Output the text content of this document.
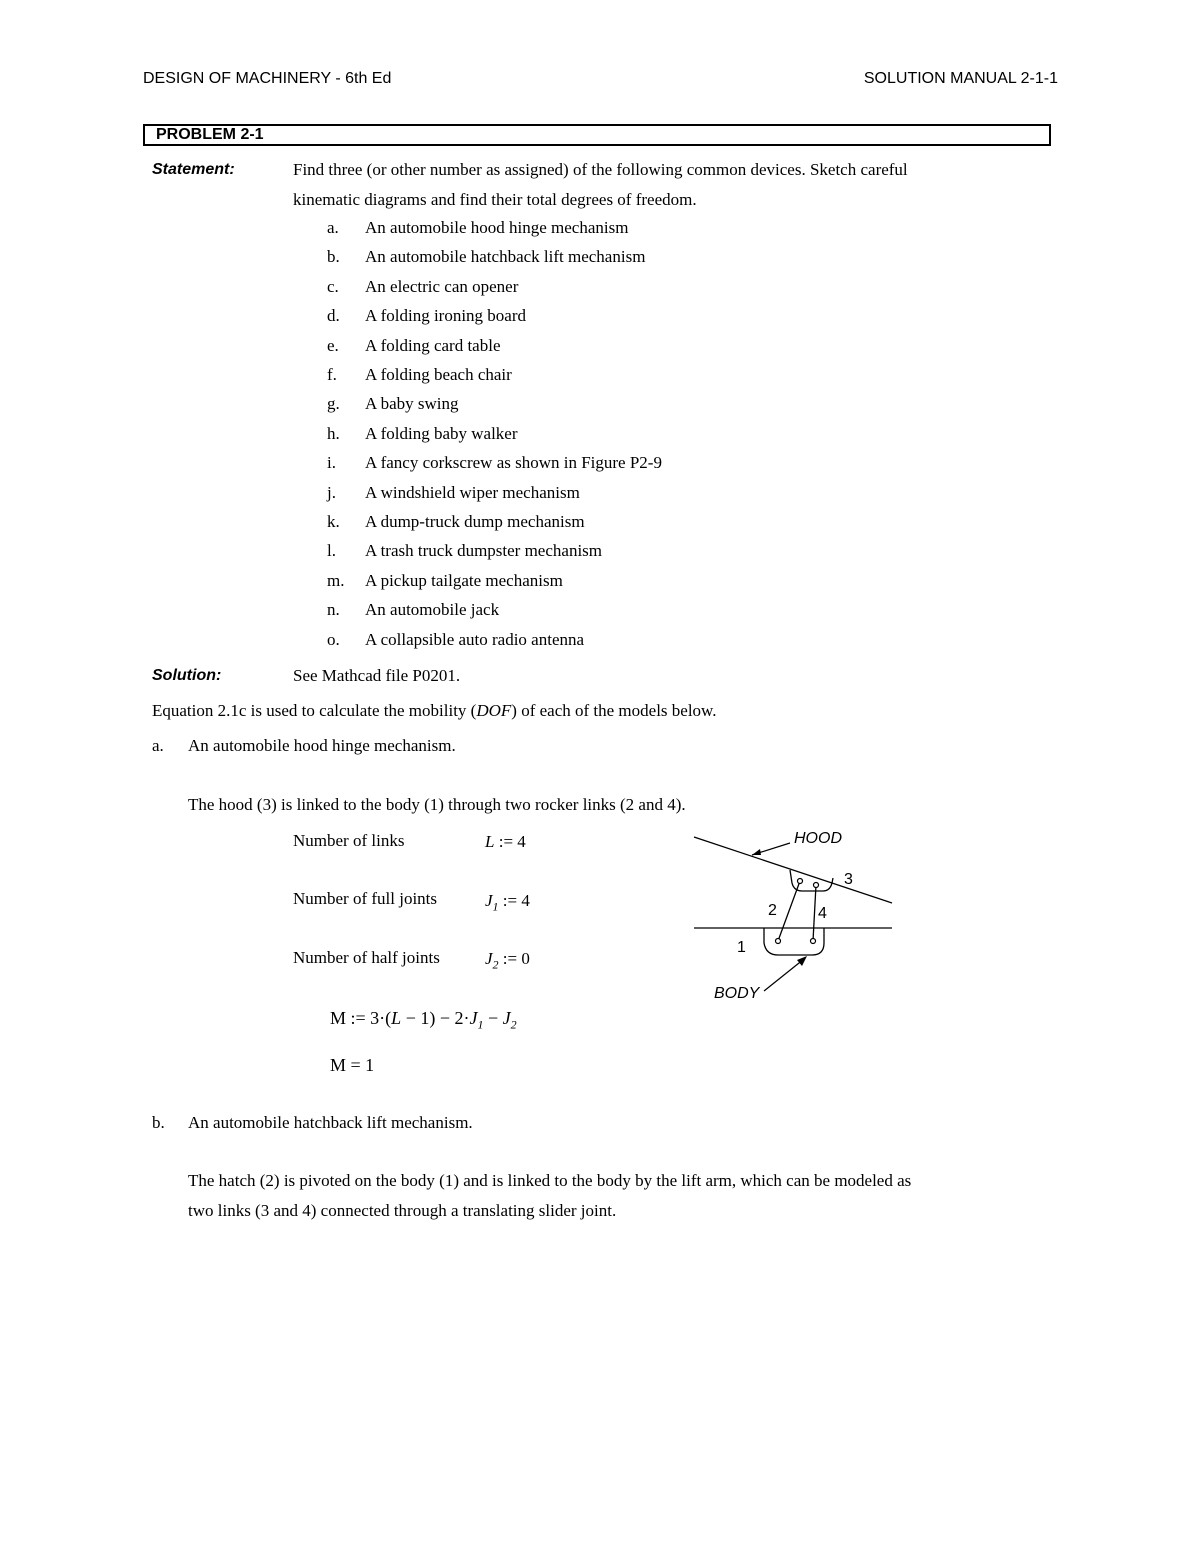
DESIGN OF MACHINERY - 6th Ed	SOLUTION MANUAL 2-1-1
PROBLEM 2-1
Statement:	Find three (or other number as assigned) of the following common devices. Sketch careful
kinematic diagrams and find their total degrees of freedom.
a. An automobile hood hinge mechanism
b. An automobile hatchback lift mechanism
c. An electric can opener
d. A folding ironing board
e. A folding card table
f. A folding beach chair
g. A baby swing
h. A folding baby walker
i. A fancy corkscrew as shown in Figure P2-9
j. A windshield wiper mechanism
k. A dump-truck dump mechanism
l. A trash truck dumpster mechanism
m. A pickup tailgate mechanism
n. An automobile jack
o. A collapsible auto radio antenna
Solution:	See Mathcad file P0201.
Equation 2.1c is used to calculate the mobility (DOF) of each of the models below.
a. An automobile hood hinge mechanism.
The hood (3) is linked to the body (1) through two rocker links (2 and 4).
Number of links	L := 4
Number of full joints	$J_1$ := 4
Number of half joints	$J_2$ := 0
M := $3\cdot(L - 1) - 2\cdot J_1 - J_2$
M = 1
HOOD
BODY
1
2
3
4
b. An automobile hatchback lift mechanism.
The hatch (2) is pivoted on the body (1) and is linked to the body by the lift arm, which can be modeled as
two links (3 and 4) connected through a translating slider joint.
